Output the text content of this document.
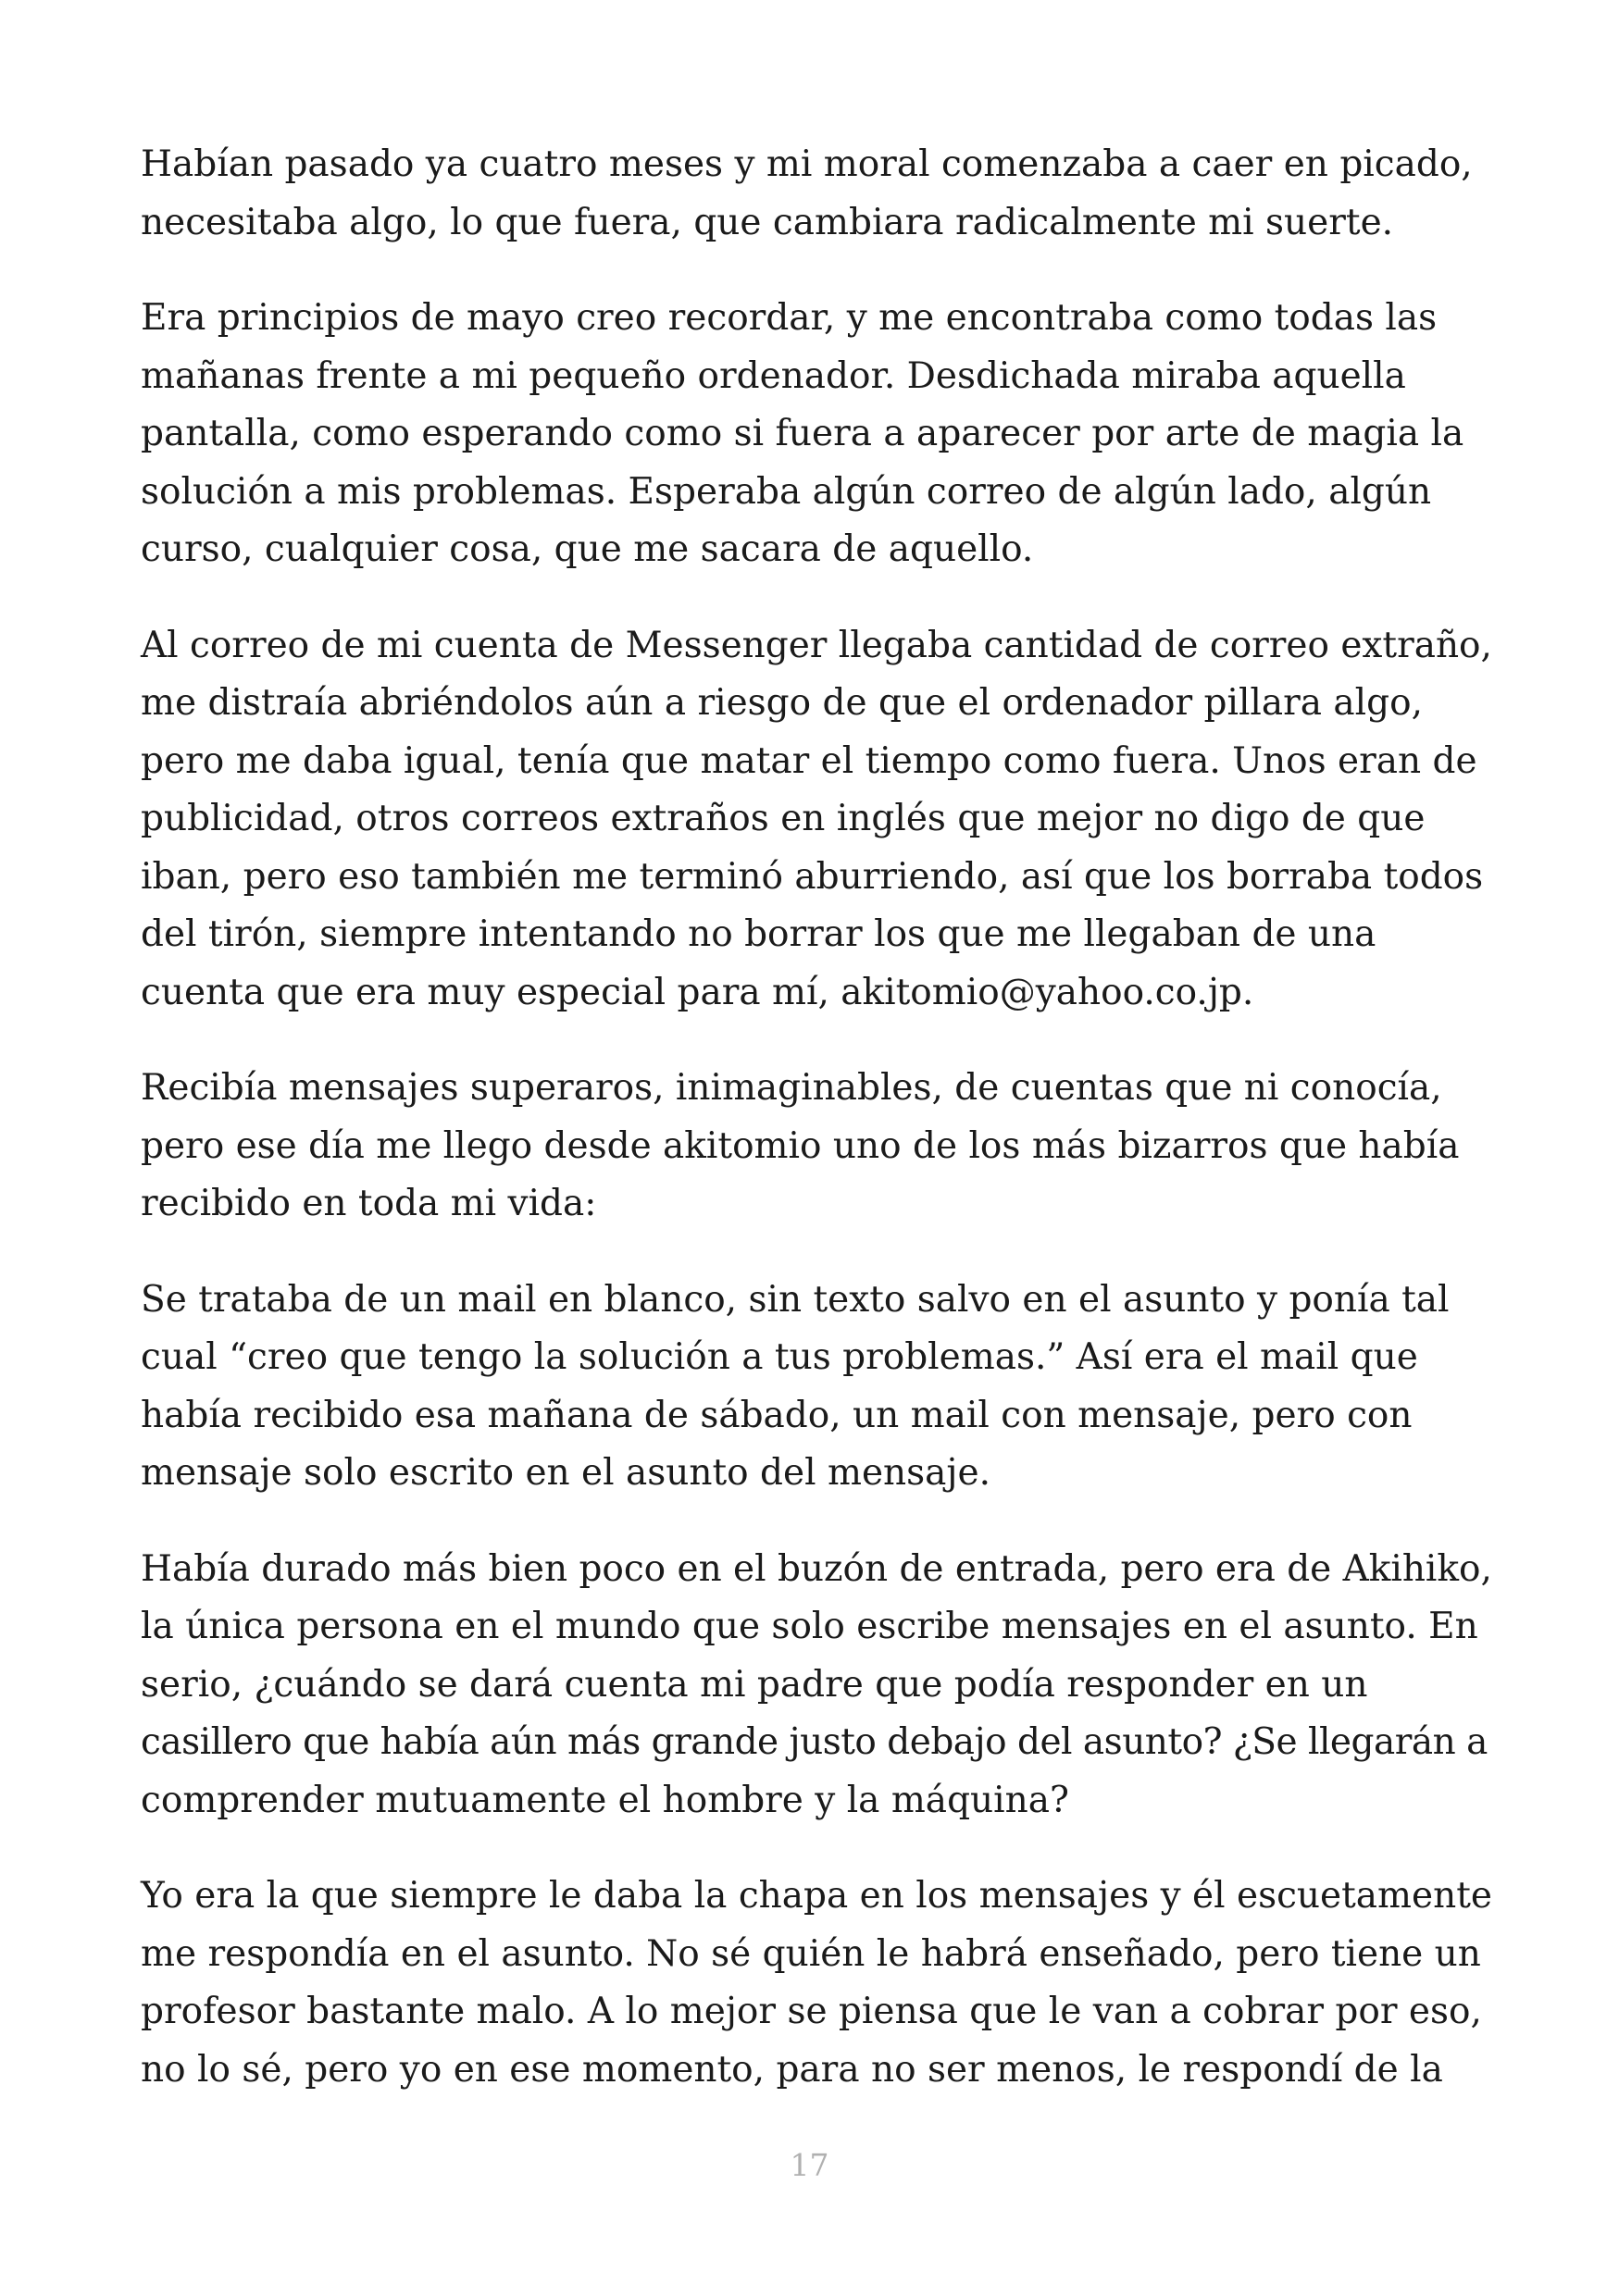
Habían pasado ya cuatro meses y mi moral comenzaba a caer en picado,
necesitaba algo, lo que fuera, que cambiara radicalmente mi suerte.

Era principios de mayo creo recordar, y me encontraba como todas las
mañanas frente a mi pequeño ordenador. Desdichada miraba aquella
pantalla, como esperando como si fuera a aparecer por arte de magia la
solución a mis problemas. Esperaba algún correo de algún lado, algún
curso, cualquier cosa, que me sacara de aquello.

Al correo de mi cuenta de Messenger llegaba cantidad de correo extraño,
me distraía abriéndolos aún a riesgo de que el ordenador pillara algo,
pero me daba igual, tenía que matar el tiempo como fuera. Unos eran de
publicidad, otros correos extraños en inglés que mejor no digo de que
iban, pero eso también me terminó aburriendo, así que los borraba todos
del tirón, siempre intentando no borrar los que me llegaban de una
cuenta que era muy especial para mí, akitomio@yahoo.co.jp.

Recibía mensajes superaros, inimaginables, de cuentas que ni conocía,
pero ese día me llego desde akitomio uno de los más bizarros que había
recibido en toda mi vida:

Se trataba de un mail en blanco, sin texto salvo en el asunto y ponía tal
cual “creo que tengo la solución a tus problemas.” Así era el mail que
había recibido esa mañana de sábado, un mail con mensaje, pero con
mensaje solo escrito en el asunto del mensaje.

Había durado más bien poco en el buzón de entrada, pero era de Akihiko,
la única persona en el mundo que solo escribe mensajes en el asunto. En
serio, ¿cuándo se dará cuenta mi padre que podía responder en un
casillero que había aún más grande justo debajo del asunto? ¿Se llegarán a
comprender mutuamente el hombre y la máquina?

Yo era la que siempre le daba la chapa en los mensajes y él escuetamente
me respondía en el asunto. No sé quién le habrá enseñado, pero tiene un
profesor bastante malo. A lo mejor se piensa que le van a cobrar por eso,
no lo sé, pero yo en ese momento, para no ser menos, le respondí de la

17
